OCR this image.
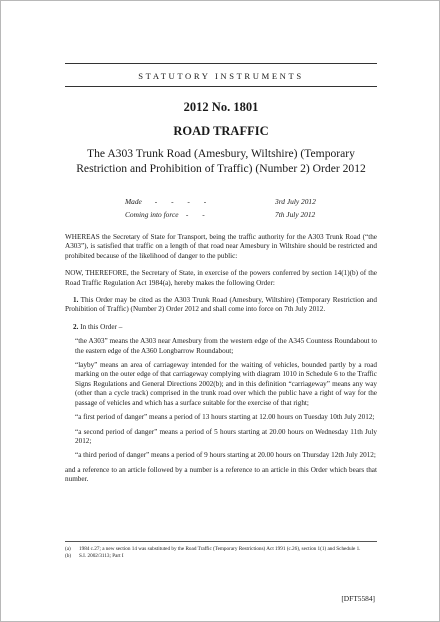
STATUTORY INSTRUMENTS
2012 No. 1801
ROAD TRAFFIC
The A303 Trunk Road (Amesbury, Wiltshire) (Temporary Restriction and Prohibition of Traffic) (Number 2) Order 2012
Made - - - -	3rd July 2012
Coming into force - -	7th July 2012

WHEREAS the Secretary of State for Transport, being the traffic authority for the A303 Trunk Road (“the A303”), is satisfied that traffic on a length of that road near Amesbury in Wiltshire should be restricted and prohibited because of the likelihood of danger to the public:

NOW, THEREFORE, the Secretary of State, in exercise of the powers conferred by section 14(1)(b) of the Road Traffic Regulation Act 1984(a), hereby makes the following Order:

1. This Order may be cited as the A303 Trunk Road (Amesbury, Wiltshire) (Temporary Restriction and Prohibition of Traffic) (Number 2) Order 2012 and shall come into force on 7th July 2012.

2. In this Order –

“the A303” means the A303 near Amesbury from the western edge of the A345 Countess Roundabout to the eastern edge of the A360 Longbarrow Roundabout;

“layby” means an area of carriageway intended for the waiting of vehicles, bounded partly by a road marking on the outer edge of that carriageway complying with diagram 1010 in Schedule 6 to the Traffic Signs Regulations and General Directions 2002(b); and in this definition “carriageway” means any way (other than a cycle track) comprised in the trunk road over which the public have a right of way for the passage of vehicles and which has a surface suitable for the exercise of that right;

“a first period of danger” means a period of 13 hours starting at 12.00 hours on Tuesday 10th July 2012;

“a second period of danger” means a period of 5 hours starting at 20.00 hours on Wednesday 11th July 2012;

“a third period of danger” means a period of 9 hours starting at 20.00 hours on Thursday 12th July 2012;

and a reference to an article followed by a number is a reference to an article in this Order which bears that number.

(a) 1984 c.27; a new section 14 was substituted by the Road Traffic (Temporary Restrictions) Act 1991 (c.26), section 1(1) and Schedule 1.
(b) S.I. 2002/3113; Part I
[DFT5584]
